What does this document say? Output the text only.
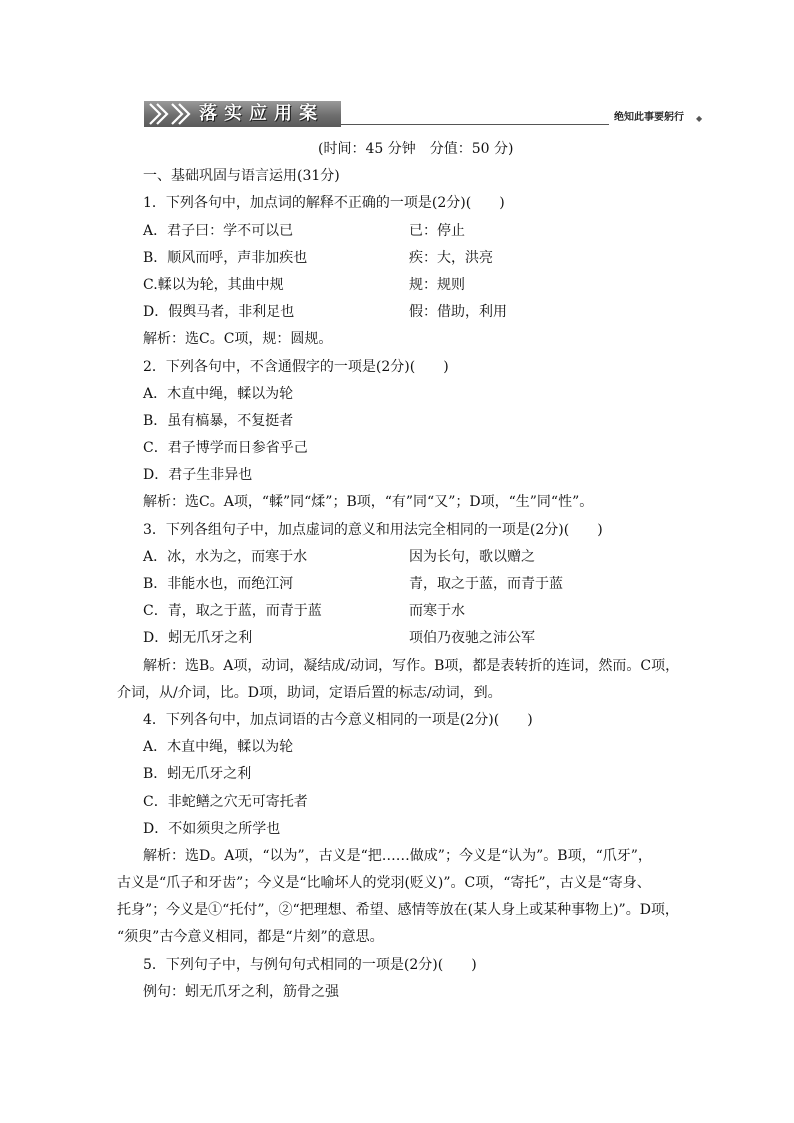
落实应用案	绝知此事要躬行 ◆
(时间：45 分钟　分值：50 分)
一、基础巩固与语言运用(31分)
1．下列各句中，加点词的解释不正确的一项是(2分)(　　)
A．君子曰：学不可以已	已：停止
B．顺风而呼，声非加疾也	疾：大，洪亮
C.輮以为轮，其曲中规	规：规则
D．假舆马者，非利足也	假：借助，利用
解析：选C。C项，规：圆规。
2．下列各句中，不含通假字的一项是(2分)(　　)
A．木直中绳，輮以为轮
B．虽有槁暴，不复挺者
C．君子博学而日参省乎己
D．君子生非异也
解析：选C。A项，“輮”同“煣”；B项，“有”同“又”；D项，“生”同“性”。
3．下列各组句子中，加点虚词的意义和用法完全相同的一项是(2分)(　　)
A．冰，水为之，而寒于水	因为长句，歌以赠之
B．非能水也，而绝江河	青，取之于蓝，而青于蓝
C．青，取之于蓝，而青于蓝	而寒于水
D．蚓无爪牙之利	项伯乃夜驰之沛公军
解析：选B。A项，动词，凝结成/动词，写作。B项，都是表转折的连词，然而。C项，
介词，从/介词，比。D项，助词，定语后置的标志/动词，到。
4．下列各句中，加点词语的古今意义相同的一项是(2分)(　　)
A．木直中绳，輮以为轮
B．蚓无爪牙之利
C．非蛇鳝之穴无可寄托者
D．不如须臾之所学也
解析：选D。A项，“以为”，古义是“把……做成”；今义是“认为”。B项，“爪牙”，
古义是“爪子和牙齿”；今义是“比喻坏人的党羽(贬义)”。C项，“寄托”，古义是“寄身、
托身”；今义是①“托付”，②“把理想、希望、感情等放在(某人身上或某种事物上)”。D项，
“须臾”古今意义相同，都是“片刻”的意思。
5．下列句子中，与例句句式相同的一项是(2分)(　　)
例句：蚓无爪牙之利，筋骨之强
